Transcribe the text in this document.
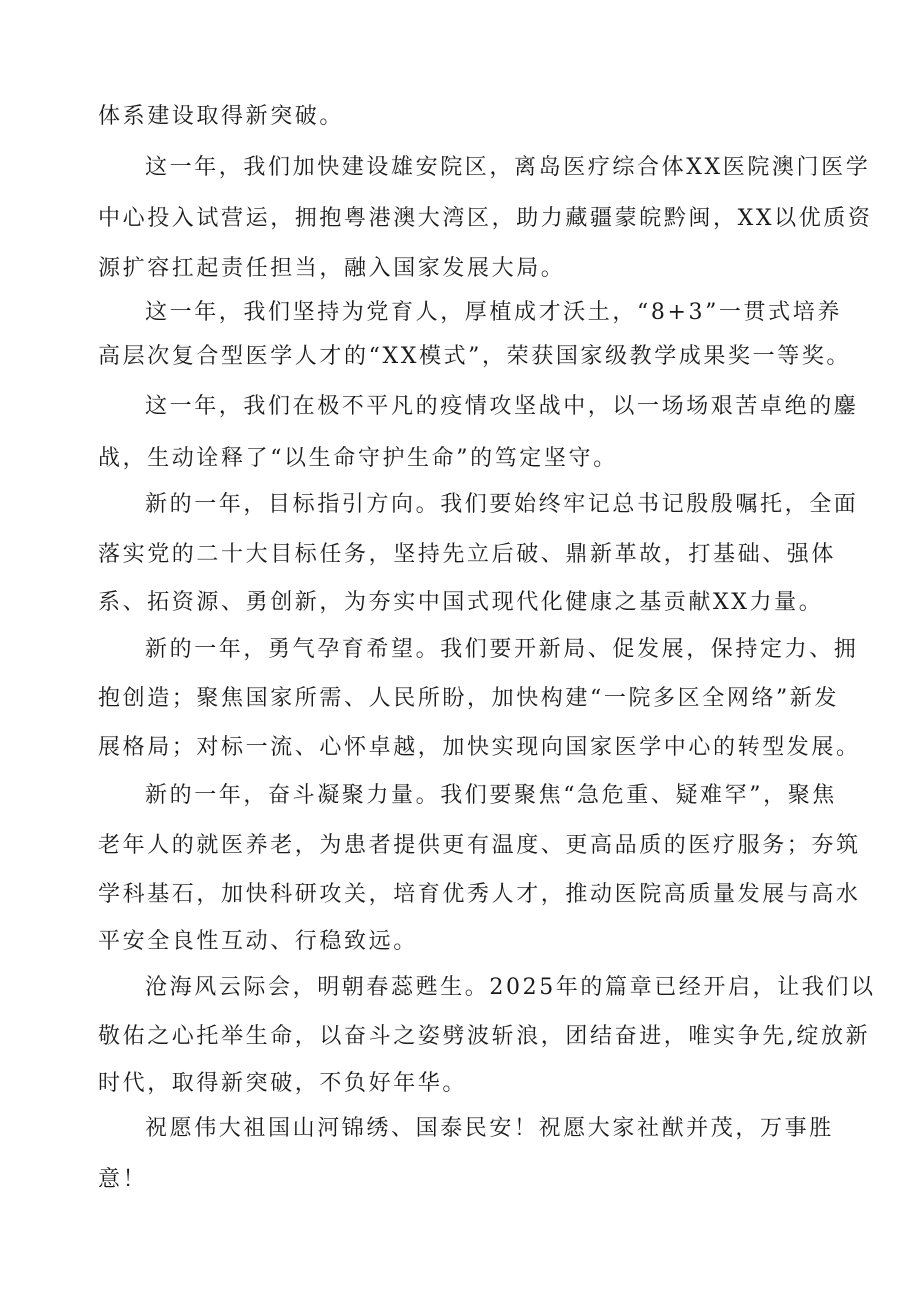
体系建设取得新突破。
这一年，我们加快建设雄安院区，离岛医疗综合体XX医院澳门医学
中心投入试营运，拥抱粤港澳大湾区，助力藏疆蒙皖黔闽，XX以优质资
源扩容扛起责任担当，融入国家发展大局。
这一年，我们坚持为党育人，厚植成才沃土，“8+3”一贯式培养
高层次复合型医学人才的“XX模式”，荣获国家级教学成果奖一等奖。
这一年，我们在极不平凡的疫情攻坚战中，以一场场艰苦卓绝的鏖
战，生动诠释了“以生命守护生命”的笃定坚守。
新的一年，目标指引方向。我们要始终牢记总书记殷殷嘱托，全面
落实党的二十大目标任务，坚持先立后破、鼎新革故，打基础、强体
系、拓资源、勇创新，为夯实中国式现代化健康之基贡献XX力量。
新的一年，勇气孕育希望。我们要开新局、促发展，保持定力、拥
抱创造；聚焦国家所需、人民所盼，加快构建“一院多区全网络”新发
展格局；对标一流、心怀卓越，加快实现向国家医学中心的转型发展。
新的一年，奋斗凝聚力量。我们要聚焦“急危重、疑难罕”，聚焦
老年人的就医养老，为患者提供更有温度、更高品质的医疗服务；夯筑
学科基石，加快科研攻关，培育优秀人才，推动医院高质量发展与高水
平安全良性互动、行稳致远。
沧海风云际会，明朝春蕊甦生。2025年的篇章已经开启，让我们以
敬佑之心托举生命，以奋斗之姿劈波斩浪，团结奋进，唯实争先,绽放新
时代，取得新突破，不负好年华。
祝愿伟大祖国山河锦绣、国泰民安！祝愿大家社猷并茂，万事胜
意！
